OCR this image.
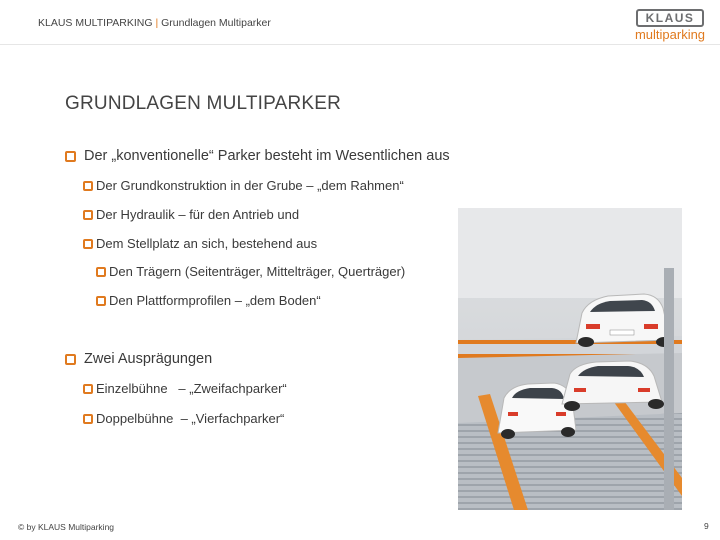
KLAUS MULTIPARKING | Grundlagen Multiparker	KLAUS
multiparking
GRUNDLAGEN MULTIPARKER
Der „konventionelle“ Parker besteht im Wesentlichen aus
Der Grundkonstruktion in der Grube – „dem Rahmen“
Der Hydraulik – für den Antrieb und
Dem Stellplatz an sich, bestehend aus
Den Trägern (Seitenträger, Mittelträger, Querträger)
Den Plattformprofilen – „dem Boden“
Zwei Ausprägungen
Einzelbühne   – „Zweifachparker“
Doppelbühne  – „Vierfachparker“
© by KLAUS Multiparking	9
